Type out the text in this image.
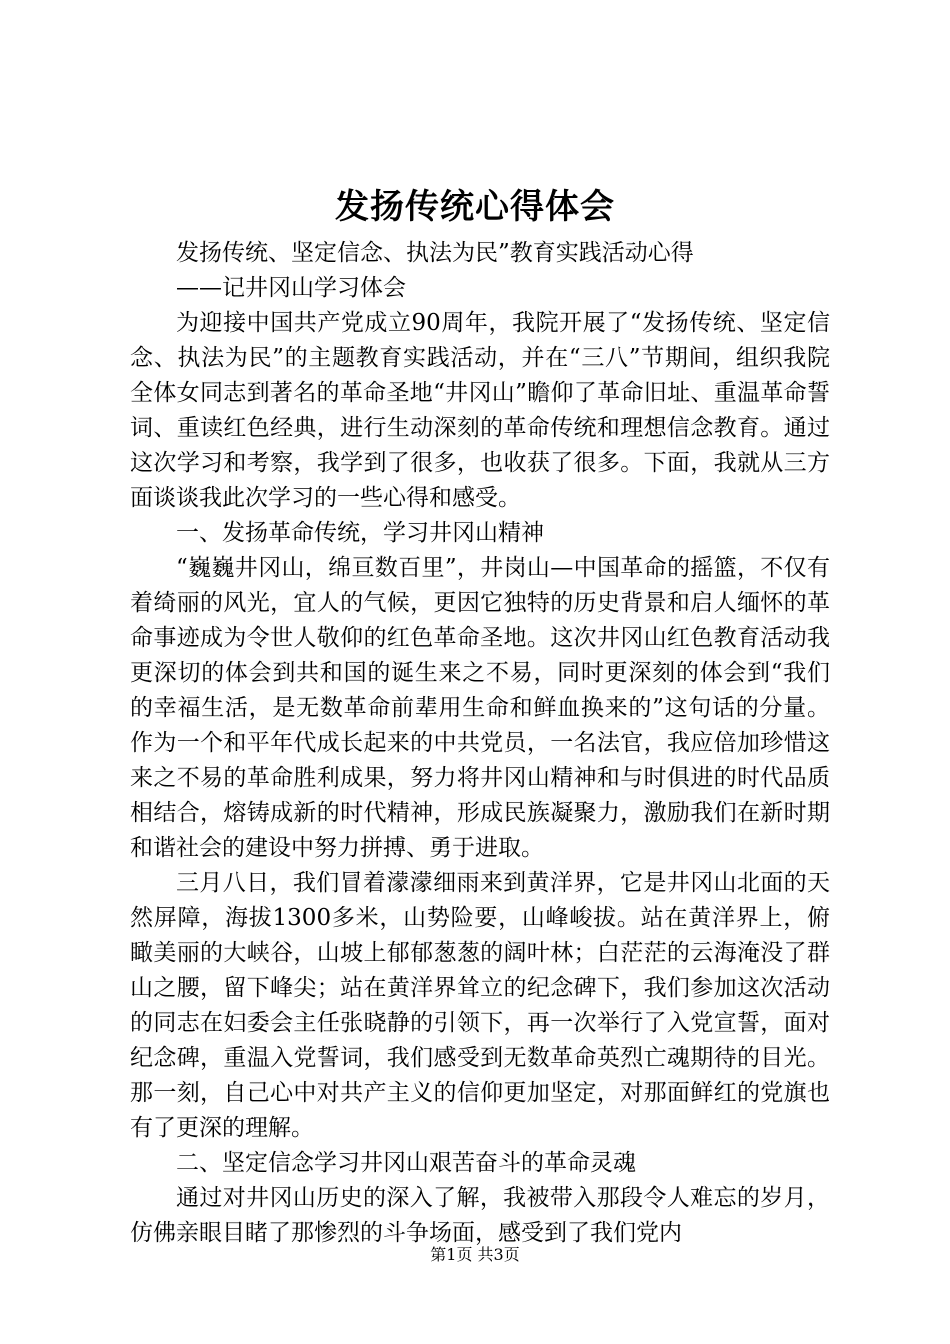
发扬传统心得体会

发扬传统、坚定信念、执法为民”教育实践活动心得

——记井冈山学习体会

为迎接中国共产党成立90周年，我院开展了“发扬传统、坚定信念、执法为民”的主题教育实践活动，并在“三八”节期间，组织我院全体女同志到著名的革命圣地“井冈山”瞻仰了革命旧址、重温革命誓词、重读红色经典，进行生动深刻的革命传统和理想信念教育。通过这次学习和考察，我学到了很多，也收获了很多。下面，我就从三方面谈谈我此次学习的一些心得和感受。

一、发扬革命传统，学习井冈山精神

“巍巍井冈山，绵亘数百里”，井岗山—中国革命的摇篮，不仅有着绮丽的风光，宜人的气候，更因它独特的历史背景和启人缅怀的革命事迹成为令世人敬仰的红色革命圣地。这次井冈山红色教育活动我更深切的体会到共和国的诞生来之不易，同时更深刻的体会到“我们的幸福生活，是无数革命前辈用生命和鲜血换来的”这句话的分量。作为一个和平年代成长起来的中共党员，一名法官，我应倍加珍惜这来之不易的革命胜利成果，努力将井冈山精神和与时俱进的时代品质相结合，熔铸成新的时代精神，形成民族凝聚力，激励我们在新时期和谐社会的建设中努力拼搏、勇于进取。

三月八日，我们冒着濛濛细雨来到黄洋界，它是井冈山北面的天然屏障，海拔1300多米，山势险要，山峰峻拔。站在黄洋界上，俯瞰美丽的大峡谷，山坡上郁郁葱葱的阔叶林；白茫茫的云海淹没了群山之腰，留下峰尖；站在黄洋界耸立的纪念碑下，我们参加这次活动的同志在妇委会主任张晓静的引领下，再一次举行了入党宣誓，面对纪念碑，重温入党誓词，我们感受到无数革命英烈亡魂期待的目光。那一刻，自己心中对共产主义的信仰更加坚定，对那面鲜红的党旗也有了更深的理解。

二、坚定信念学习井冈山艰苦奋斗的革命灵魂

通过对井冈山历史的深入了解，我被带入那段令人难忘的岁月，仿佛亲眼目睹了那惨烈的斗争场面，感受到了我们党内

第1页 共3页
